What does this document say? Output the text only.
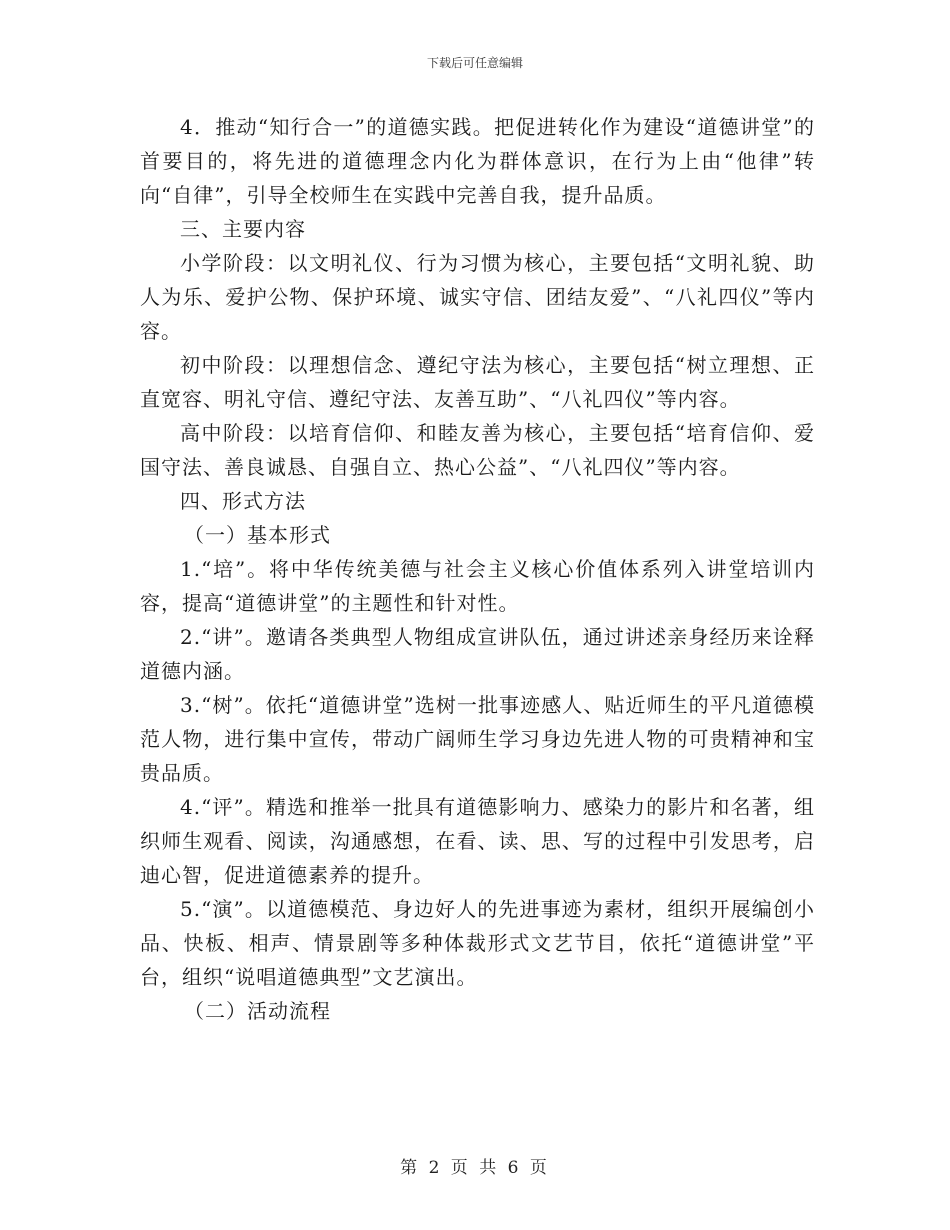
下载后可任意编辑

4．推动“知行合一”的道德实践。把促进转化作为建设“道德讲堂”的首要目的，将先进的道德理念内化为群体意识，在行为上由“他律”转向“自律”，引导全校师生在实践中完善自我，提升品质。

三、主要内容

小学阶段：以文明礼仪、行为习惯为核心，主要包括“文明礼貌、助人为乐、爱护公物、保护环境、诚实守信、团结友爱”、“八礼四仪”等内容。

初中阶段：以理想信念、遵纪守法为核心，主要包括“树立理想、正直宽容、明礼守信、遵纪守法、友善互助”、“八礼四仪”等内容。

高中阶段：以培育信仰、和睦友善为核心，主要包括“培育信仰、爱国守法、善良诚恳、自强自立、热心公益”、“八礼四仪”等内容。

四、形式方法

（一）基本形式

1.“培”。将中华传统美德与社会主义核心价值体系列入讲堂培训内容，提高“道德讲堂”的主题性和针对性。

2.“讲”。邀请各类典型人物组成宣讲队伍，通过讲述亲身经历来诠释道德内涵。

3.“树”。依托“道德讲堂”选树一批事迹感人、贴近师生的平凡道德模范人物，进行集中宣传，带动广阔师生学习身边先进人物的可贵精神和宝贵品质。

4.“评”。精选和推举一批具有道德影响力、感染力的影片和名著，组织师生观看、阅读，沟通感想，在看、读、思、写的过程中引发思考，启迪心智，促进道德素养的提升。

5.“演”。以道德模范、身边好人的先进事迹为素材，组织开展编创小品、快板、相声、情景剧等多种体裁形式文艺节目，依托“道德讲堂”平台，组织“说唱道德典型”文艺演出。

（二）活动流程

第 2 页 共 6 页
